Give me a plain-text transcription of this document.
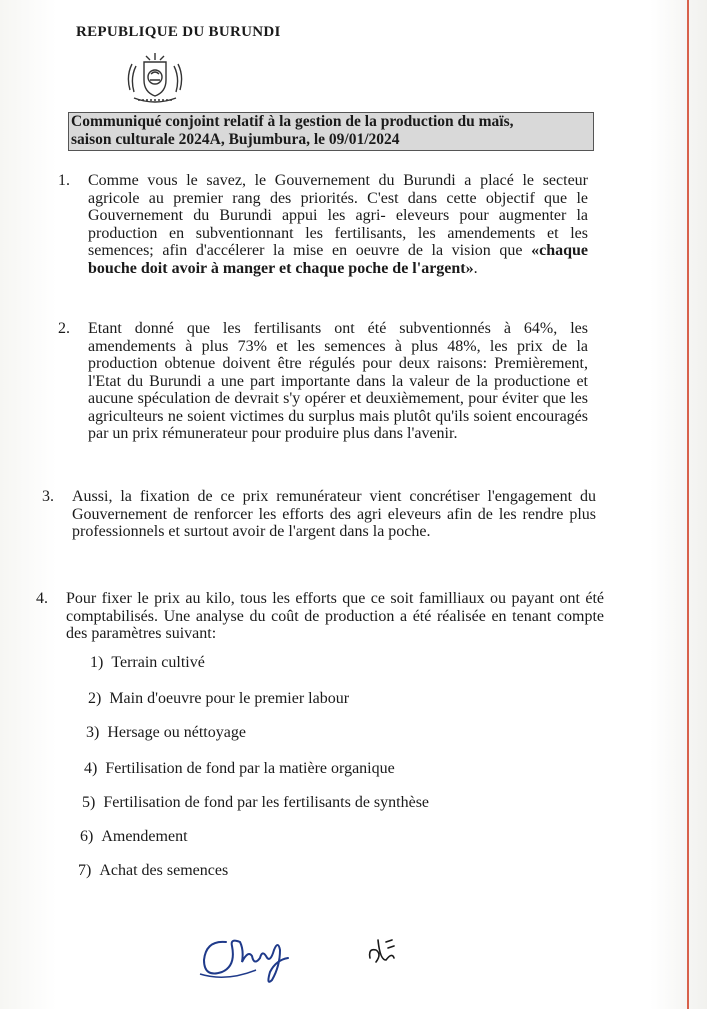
REPUBLIQUE DU BURUNDI
Communiqué conjoint relatif à la gestion de la production du maïs,
saison culturale 2024A, Bujumbura, le 09/01/2024
1. Comme vous le savez, le Gouvernement du Burundi a placé le secteur agricole au premier rang des priorités. C'est dans cette objectif que le Gouvernement du Burundi appui les agri- eleveurs pour augmenter la production en subventionnant les fertilisants, les amendements et les semences; afin d'accélerer la mise en oeuvre de la vision que «chaque bouche doit avoir à manger et chaque poche de l'argent».
2. Etant donné que les fertilisants ont été subventionnés à 64%, les amendements à plus 73% et les semences à plus 48%, les prix de la production obtenue doivent être régulés pour deux raisons: Premièrement, l'Etat du Burundi a une part importante dans la valeur de la productione et aucune spéculation de devrait s'y opérer et deuxièmement, pour éviter que les agriculteurs ne soient victimes du surplus mais plutôt qu'ils soient encouragés par un prix rémunerateur pour produire plus dans l'avenir.
3. Aussi, la fixation de ce prix remunérateur vient concrétiser l'engagement du Gouvernement de renforcer les efforts des agri eleveurs afin de les rendre plus professionnels et surtout avoir de l'argent dans la poche.
4. Pour fixer le prix au kilo, tous les efforts que ce soit familliaux ou payant ont été comptabilisés. Une analyse du coût de production a été réalisée en tenant compte des paramètres suivant:
1) Terrain cultivé
2) Main d'oeuvre pour le premier labour
3) Hersage ou néttoyage
4) Fertilisation de fond par la matière organique
5) Fertilisation de fond par les fertilisants de synthèse
6) Amendement
7) Achat des semences
